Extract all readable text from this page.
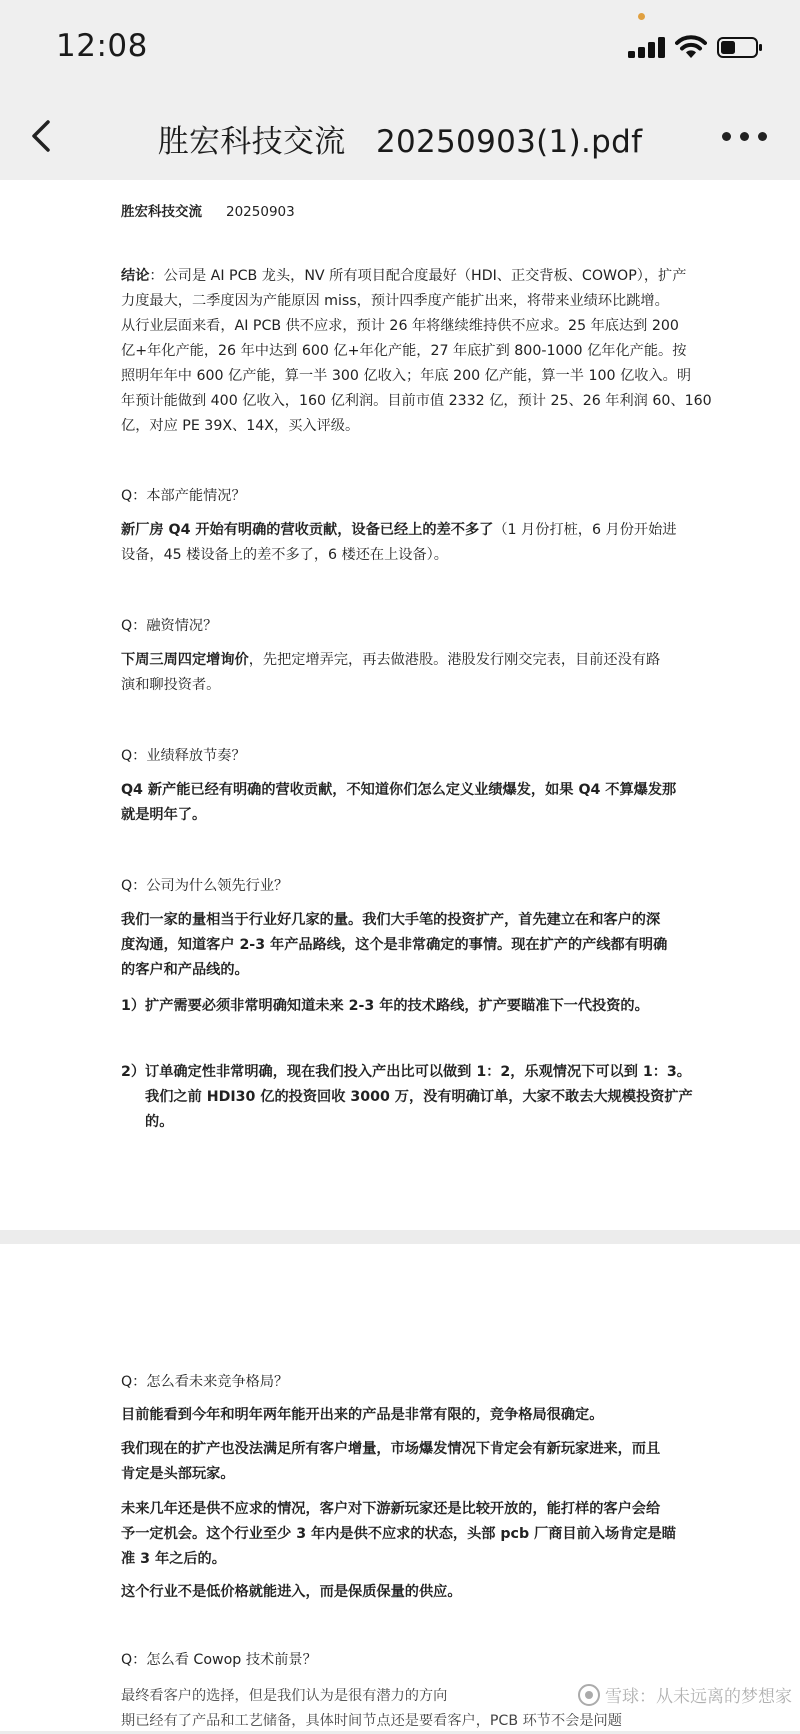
12:08
胜宏科技交流   20250903(1).pdf
胜宏科技交流 20250903
结论：公司是 AI PCB 龙头，NV 所有项目配合度最好（HDI、正交背板、COWOP），扩产
力度最大，二季度因为产能原因 miss，预计四季度产能扩出来，将带来业绩环比跳增。
从行业层面来看，AI PCB 供不应求，预计 26 年将继续维持供不应求。25 年底达到 200
亿+年化产能，26 年中达到 600 亿+年化产能，27 年底扩到 800-1000 亿年化产能。按
照明年年中 600 亿产能，算一半 300 亿收入；年底 200 亿产能，算一半 100 亿收入。明
年预计能做到 400 亿收入，160 亿利润。目前市值 2332 亿，预计 25、26 年利润 60、160
亿，对应 PE 39X、14X，买入评级。
Q：本部产能情况？
新厂房 Q4 开始有明确的营收贡献，设备已经上的差不多了（1 月份打桩，6 月份开始进
设备，45 楼设备上的差不多了，6 楼还在上设备）。
Q：融资情况？
下周三周四定增询价，先把定增弄完，再去做港股。港股发行刚交完表，目前还没有路
演和聊投资者。
Q：业绩释放节奏？
Q4 新产能已经有明确的营收贡献，不知道你们怎么定义业绩爆发，如果 Q4 不算爆发那
就是明年了。
Q：公司为什么领先行业？
我们一家的量相当于行业好几家的量。我们大手笔的投资扩产，首先建立在和客户的深
度沟通，知道客户 2-3 年产品路线，这个是非常确定的事情。现在扩产的产线都有明确
的客户和产品线的。
1）扩产需要必须非常明确知道未来 2-3 年的技术路线，扩产要瞄准下一代投资的。
2）订单确定性非常明确，现在我们投入产出比可以做到 1：2，乐观情况下可以到 1：3。
我们之前 HDI30 亿的投资回收 3000 万，没有明确订单，大家不敢去大规模投资扩产
的。
Q：怎么看未来竞争格局？
目前能看到今年和明年两年能开出来的产品是非常有限的，竞争格局很确定。
我们现在的扩产也没法满足所有客户增量，市场爆发情况下肯定会有新玩家进来，而且
肯定是头部玩家。
未来几年还是供不应求的情况，客户对下游新玩家还是比较开放的，能打样的客户会给
予一定机会。这个行业至少 3 年内是供不应求的状态，头部 pcb 厂商目前入场肯定是瞄
准 3 年之后的。
这个行业不是低价格就能进入，而是保质保量的供应。
Q：怎么看 Cowop 技术前景？
最终看客户的选择，但是我们认为是很有潜力的方向
期已经有了产品和工艺储备，具体时间节点还是要看客户，PCB 环节不会是问题
雪球：从未远离的梦想家
